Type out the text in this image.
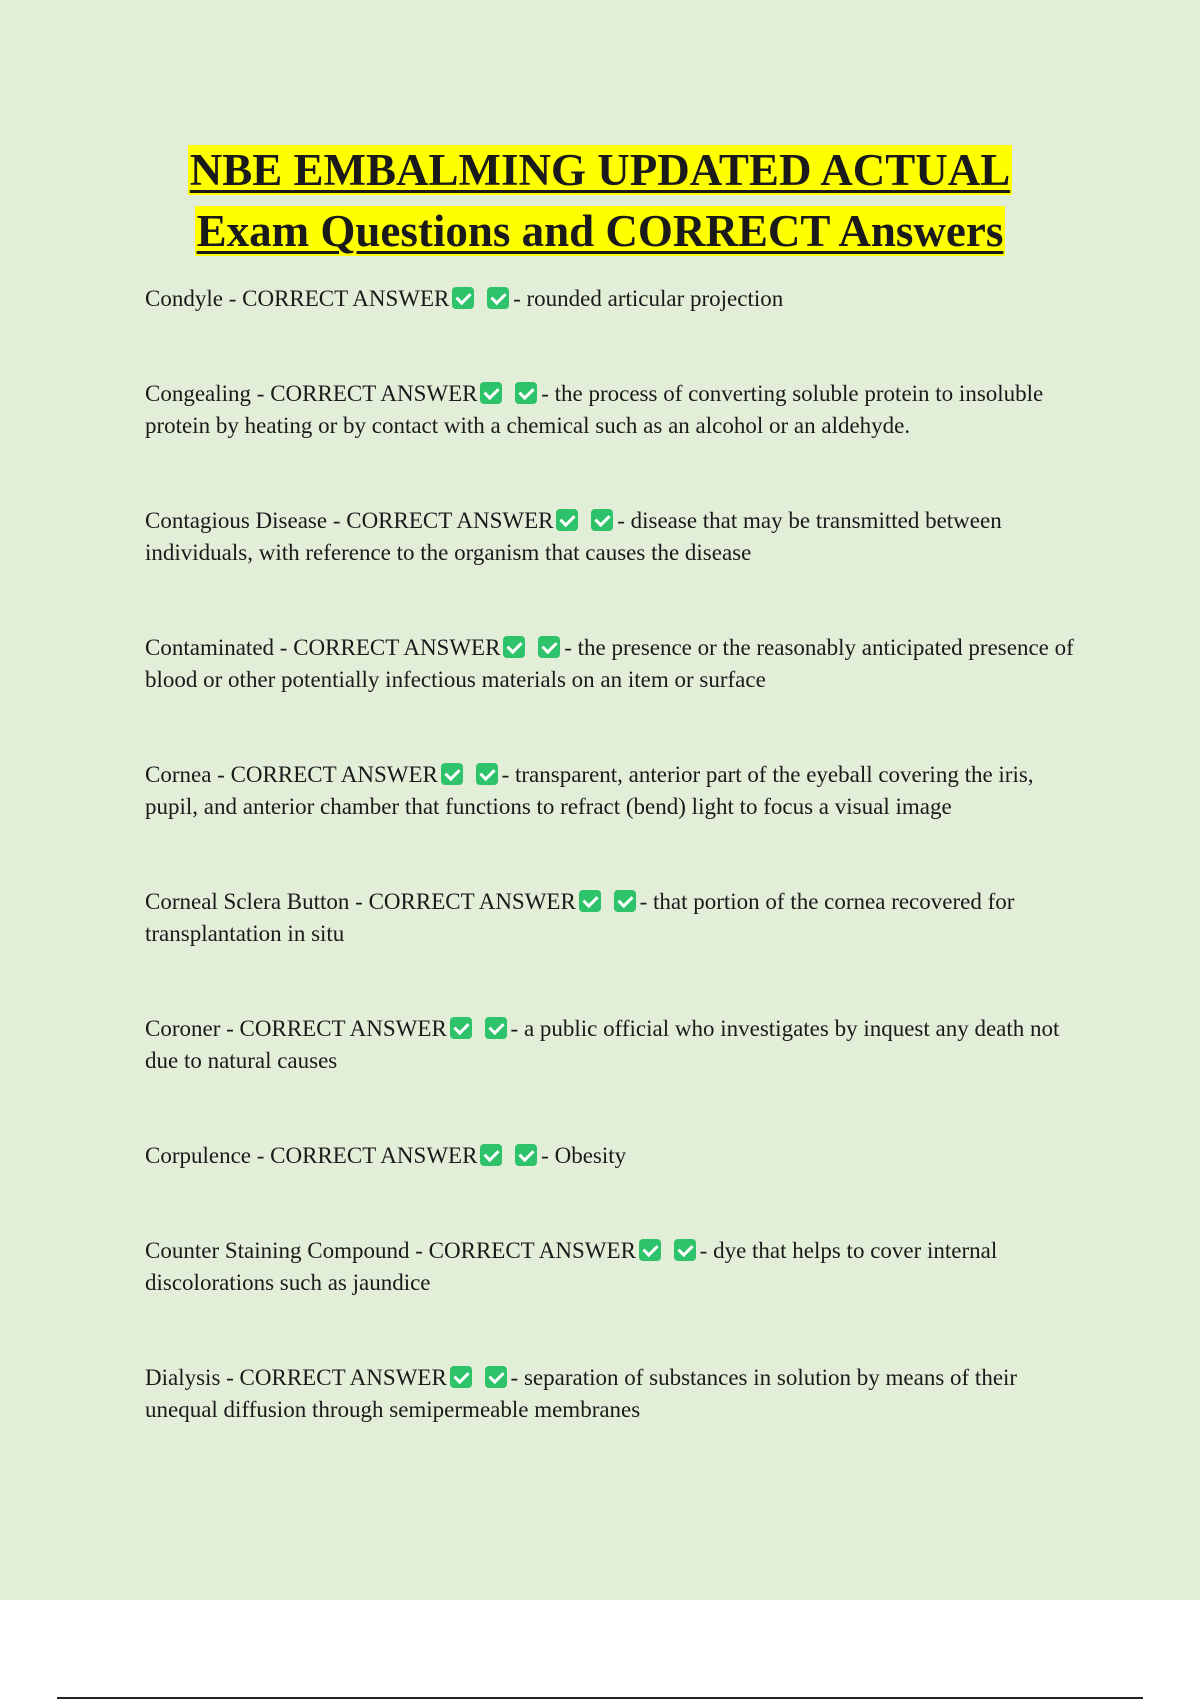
NBE EMBALMING UPDATED ACTUAL
Exam Questions and CORRECT Answers

Condyle - CORRECT ANSWER	- rounded articular projection

Congealing - CORRECT ANSWER	- the process of converting soluble protein to insoluble protein by heating or by contact with a chemical such as an alcohol or an aldehyde.

Contagious Disease - CORRECT ANSWER	- disease that may be transmitted between individuals, with reference to the organism that causes the disease

Contaminated - CORRECT ANSWER	- the presence or the reasonably anticipated presence of blood or other potentially infectious materials on an item or surface

Cornea - CORRECT ANSWER	- transparent, anterior part of the eyeball covering the iris, pupil, and anterior chamber that functions to refract (bend) light to focus a visual image

Corneal Sclera Button - CORRECT ANSWER	- that portion of the cornea recovered for transplantation in situ

Coroner - CORRECT ANSWER	- a public official who investigates by inquest any death not due to natural causes

Corpulence - CORRECT ANSWER	- Obesity

Counter Staining Compound - CORRECT ANSWER	- dye that helps to cover internal discolorations such as jaundice

Dialysis - CORRECT ANSWER	- separation of substances in solution by means of their unequal diffusion through semipermeable membranes
